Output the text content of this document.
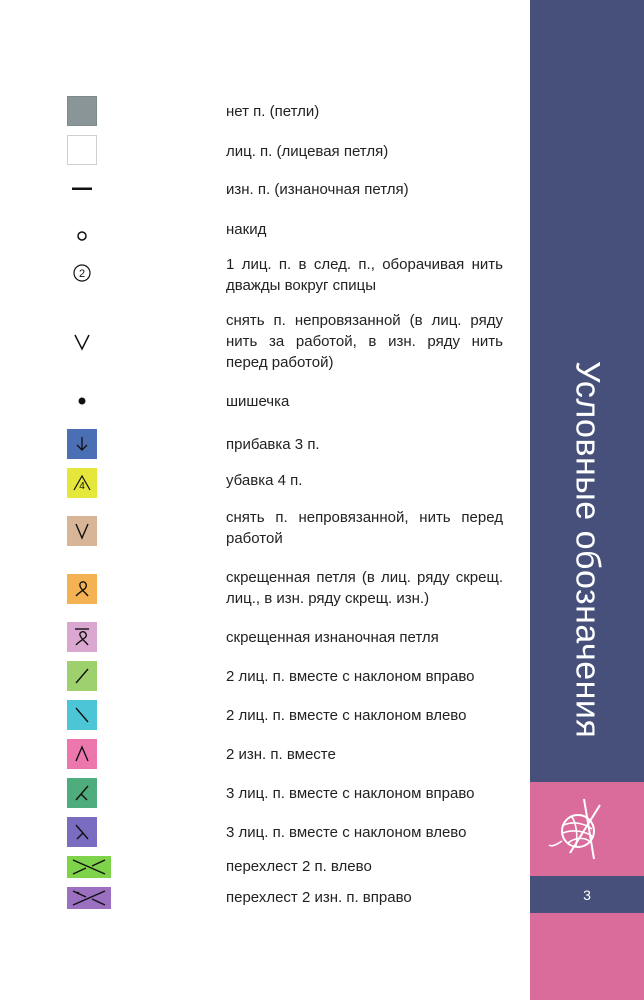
нет п. (петли)
лиц. п. (лицевая петля)
изн. п. (изнаночная петля)
накид
2
1 лиц. п. в след. п., оборачивая нить дважды вокруг спицы
снять п. непровязанной (в лиц. ряду нить за работой, в изн. ряду нить перед работой)
шишечка
прибавка 3 п.
4	убавка 4 п.
снять п. непровязанной, нить перед работой
скрещенная петля (в лиц. ряду скрещ. лиц., в изн. ряду скрещ. изн.)
скрещенная изнаночная петля
2 лиц. п. вместе с наклоном вправо
2 лиц. п. вместе с наклоном влево
2 изн. п. вместе
3 лиц. п. вместе с наклоном вправо
3 лиц. п. вместе с наклоном влево
перехлест 2 п. влево
перехлест 2 изн. п. вправо
Условные обозначения
3
